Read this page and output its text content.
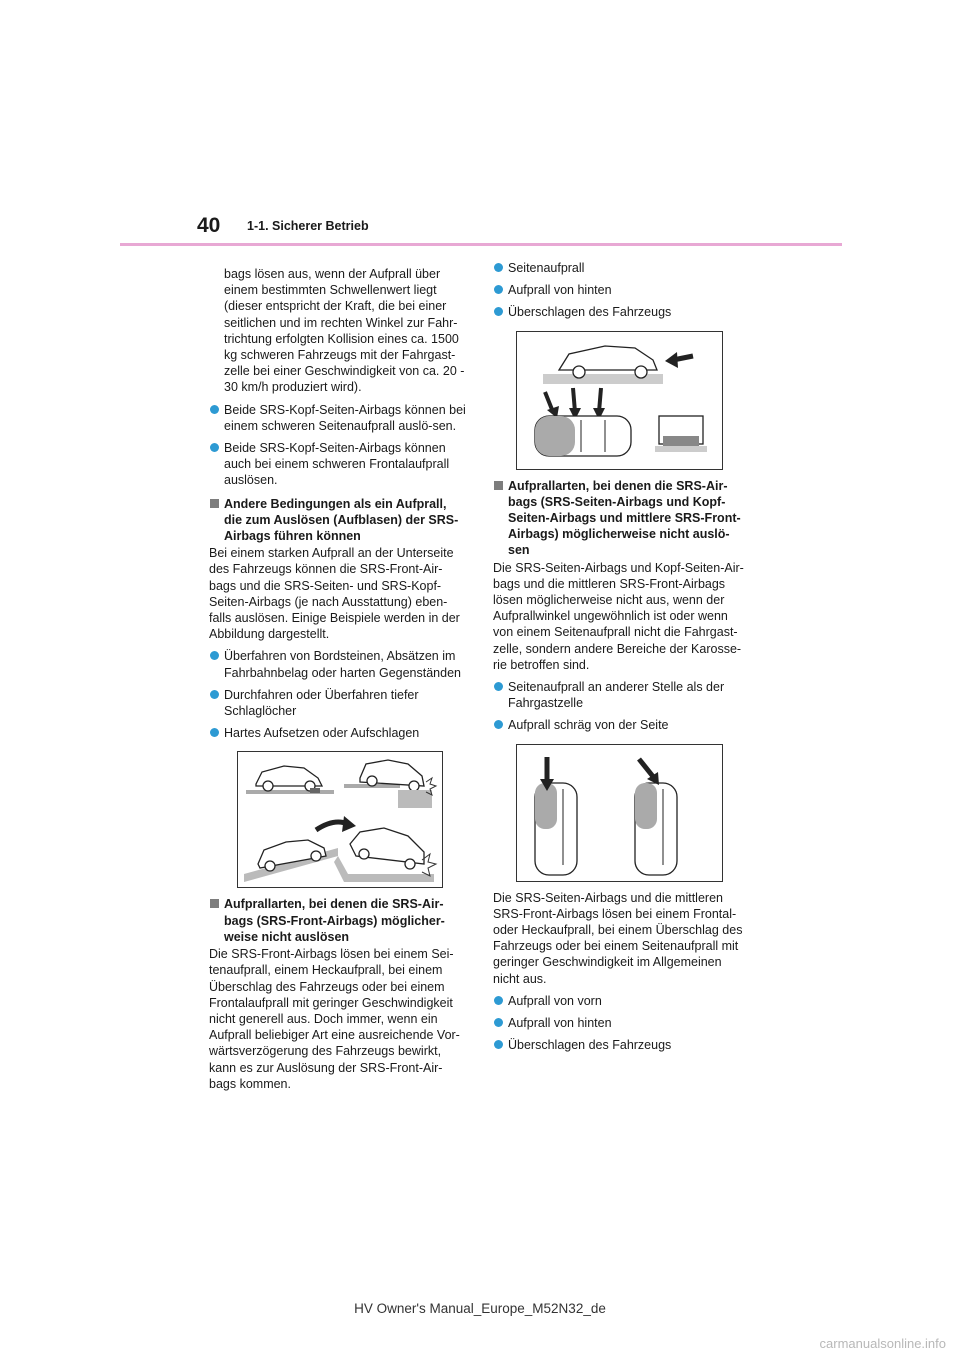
40 1-1. Sicherer Betrieb

bags lösen aus, wenn der Aufprall über einem bestimmten Schwellenwert liegt (dieser entspricht der Kraft, die bei einer seitlichen und im rechten Winkel zur Fahr-trichtung erfolgten Kollision eines ca. 1500 kg schweren Fahrzeugs mit der Fahrgast-zelle bei einer Geschwindigkeit von ca. 20 - 30 km/h produziert wird).

Beide SRS-Kopf-Seiten-Airbags können bei einem schweren Seitenaufprall auslö-sen.
Beide SRS-Kopf-Seiten-Airbags können auch bei einem schweren Frontalaufprall auslösen.
Andere Bedingungen als ein Aufprall, die zum Auslösen (Aufblasen) der SRS-Airbags führen können

Bei einem starken Aufprall an der Unterseite des Fahrzeugs können die SRS-Front-Air-bags und die SRS-Seiten- und SRS-Kopf-Seiten-Airbags (je nach Ausstattung) eben-falls auslösen. Einige Beispiele werden in der Abbildung dargestellt.

Überfahren von Bordsteinen, Absätzen im Fahrbahnbelag oder harten Gegenständen
Durchfahren oder Überfahren tiefer Schlaglöcher
Hartes Aufsetzen oder Aufschlagen
Aufprallarten, bei denen die SRS-Air-bags (SRS-Front-Airbags) möglicher-weise nicht auslösen

Die SRS-Front-Airbags lösen bei einem Sei-tenaufprall, einem Heckaufprall, bei einem Überschlag des Fahrzeugs oder bei einem Frontalaufprall mit geringer Geschwindigkeit nicht generell aus. Doch immer, wenn ein Aufprall beliebiger Art eine ausreichende Vor-wärtsverzögerung des Fahrzeugs bewirkt, kann es zur Auslösung der SRS-Front-Air-bags kommen.

Seitenaufprall
Aufprall von hinten
Überschlagen des Fahrzeugs
Aufprallarten, bei denen die SRS-Air-bags (SRS-Seiten-Airbags und Kopf-Seiten-Airbags und mittlere SRS-Front-Airbags) möglicherweise nicht auslö-sen

Die SRS-Seiten-Airbags und Kopf-Seiten-Air-bags und die mittleren SRS-Front-Airbags lösen möglicherweise nicht aus, wenn der Aufprallwinkel ungewöhnlich ist oder wenn von einem Seitenaufprall nicht die Fahrgast-zelle, sondern andere Bereiche der Karosse-rie betroffen sind.

Seitenaufprall an anderer Stelle als der Fahrgastzelle
Aufprall schräg von der Seite

Die SRS-Seiten-Airbags und die mittleren SRS-Front-Airbags lösen bei einem Frontal- oder Heckaufprall, bei einem Überschlag des Fahrzeugs oder bei einem Seitenaufprall mit geringer Geschwindigkeit im Allgemeinen nicht aus.

Aufprall von vorn
Aufprall von hinten
Überschlagen des Fahrzeugs
HV Owner's Manual_Europe_M52N32_de
carmanualsonline.info
